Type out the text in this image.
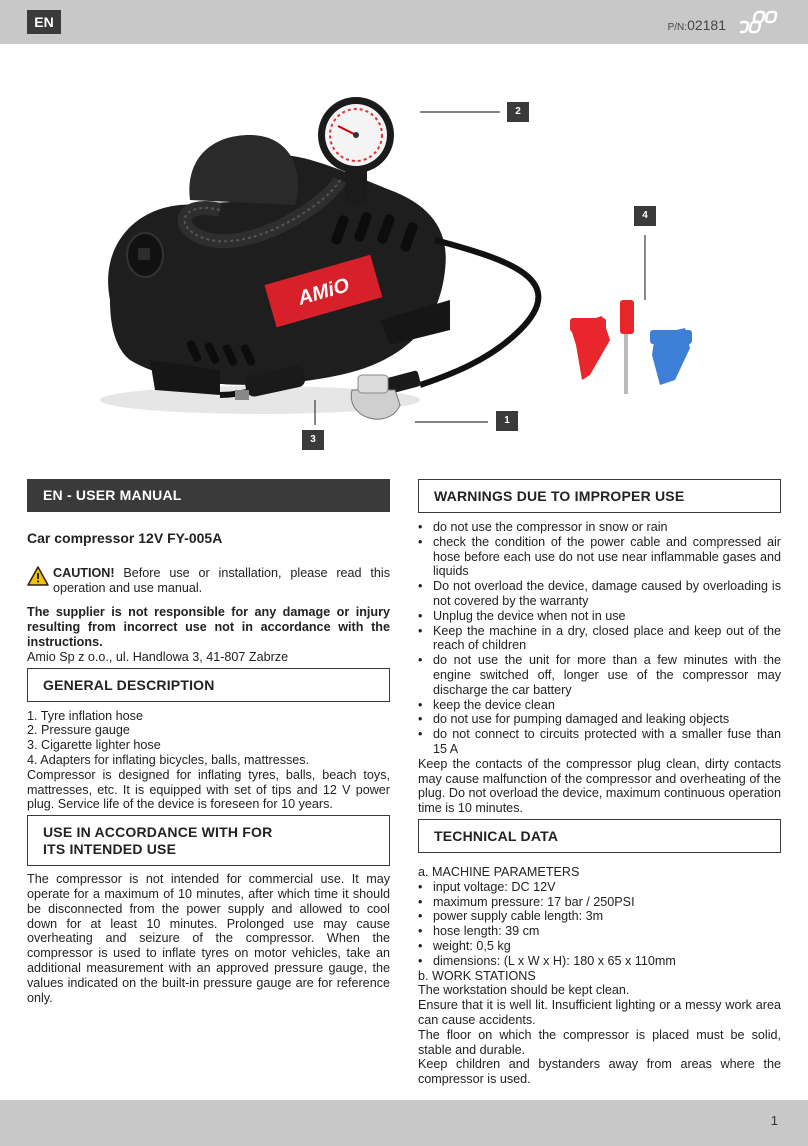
EN	P/N:02181
AMiO
2
4
3
1
EN - USER MANUAL
Car compressor 12V FY-005A

CAUTION! Before use or installation, please read this operation and use manual.

The supplier is not responsible for any damage or injury resulting from incorrect use not in accordance with the instructions.

Amio Sp z o.o., ul. Handlowa 3, 41-807 Zabrze

GENERAL DESCRIPTION
1. Tyre inflation hose
2. Pressure gauge
3. Cigarette lighter hose
4. Adapters for inflating bicycles, balls, mattresses.

Compressor is designed for inflating tyres, balls, beach toys, mattresses, etc. It is equipped with set of tips and 12 V power plug. Service life of the device is foreseen for 10 years.

USE IN ACCORDANCE WITH FOR
ITS INTENDED USE

The compressor is not intended for commercial use. It may operate for a maximum of 10 minutes, after which time it should be disconnected from the power supply and allowed to cool down for at least 10 minutes. Prolonged use may cause overheating and seizure of the compressor. When the compressor is used to inflate tyres on motor vehicles, take an additional measurement with an approved pressure gauge, the values indicated on the built-in pressure gauge are for reference only.

WARNINGS DUE TO IMPROPER USE
• do not use the compressor in snow or rain
• check the condition of the power cable and compressed air hose before each use do not use near inflammable gases and liquids
• Do not overload the device, damage caused by overloading is not covered by the warranty
• Unplug the device when not in use
• Keep the machine in a dry, closed place and keep out of the reach of children
• do not use the unit for more than a few minutes with the engine switched off, longer use of the compressor may discharge the car battery
• keep the device clean
• do not use for pumping damaged and leaking objects
• do not connect to circuits protected with a smaller fuse than 15 A

Keep the contacts of the compressor plug clean, dirty contacts may cause malfunction of the compressor and overheating of the plug. Do not overload the device, maximum continuous operation time is 10 minutes.

TECHNICAL DATA
a. MACHINE PARAMETERS
• input voltage: DC 12V
• maximum pressure: 17 bar / 250PSI
• power supply cable length: 3m
• hose length: 39 cm
• weight: 0,5 kg
• dimensions: (L x W x H): 180 x 65 x 110mm
b. WORK STATIONS

The workstation should be kept clean.

Ensure that it is well lit. Insufficient lighting or a messy work area can cause accidents.

The floor on which the compressor is placed must be solid, stable and durable.

Keep children and bystanders away from areas where the compressor is used.

1
